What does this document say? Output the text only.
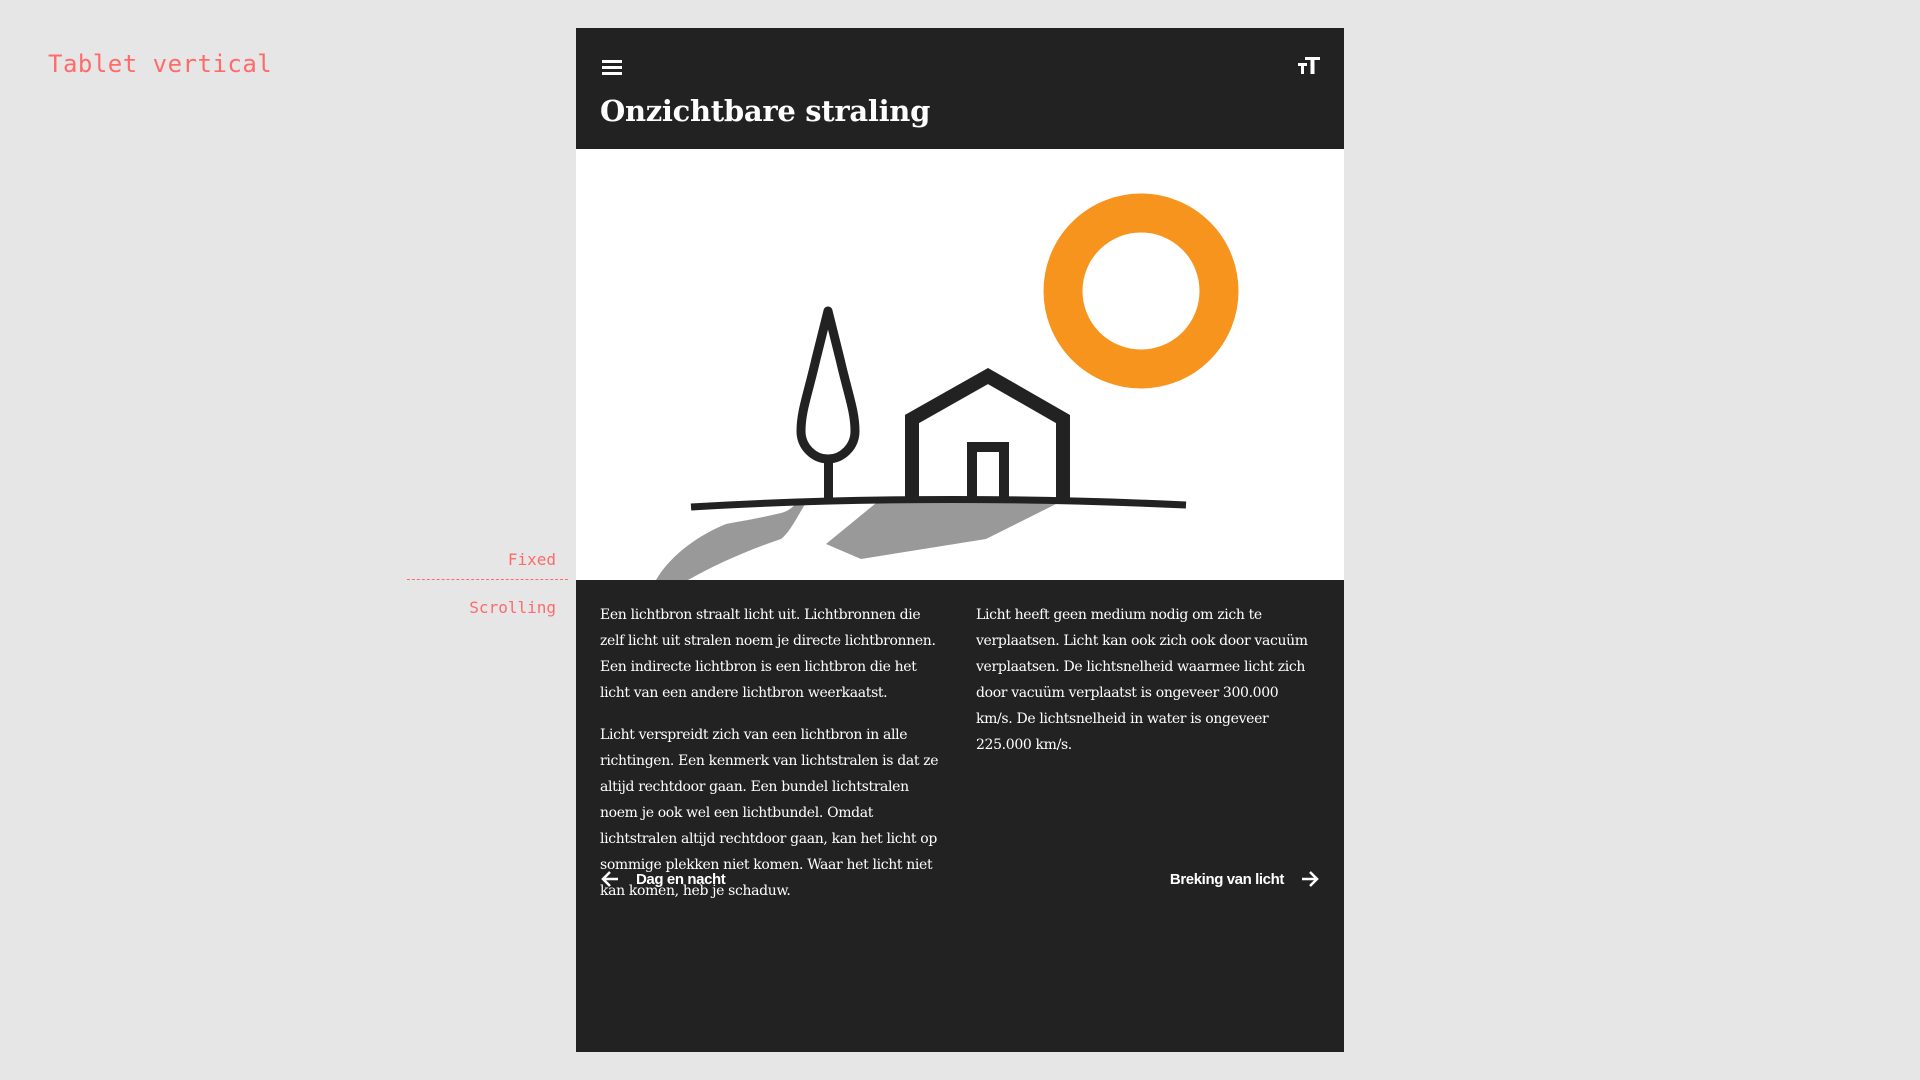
Tablet vertical
Fixed
Scrolling
Onzichtbare straling

Een lichtbron straalt licht uit. Lichtbronnen die zelf licht uit stralen noem je directe lichtbronnen. Een indirecte lichtbron is een lichtbron die het licht van een andere lichtbron weerkaatst.

Licht verspreidt zich van een lichtbron in alle richtingen. Een kenmerk van lichtstralen is dat ze altijd rechtdoor gaan. Een bundel lichtstralen noem je ook wel een lichtbundel. Omdat lichtstralen altijd rechtdoor gaan, kan het licht op sommige plekken niet komen. Waar het licht niet kan komen, heb je schaduw.

Licht heeft geen medium nodig om zich te verplaatsen. Licht kan ook zich ook door vacuüm verplaatsen. De lichtsnelheid waarmee licht zich door vacuüm verplaatst is ongeveer 300.000 km/s. De lichtsnelheid in water is ongeveer 225.000 km/s.

Dag en nacht	Breking van licht
